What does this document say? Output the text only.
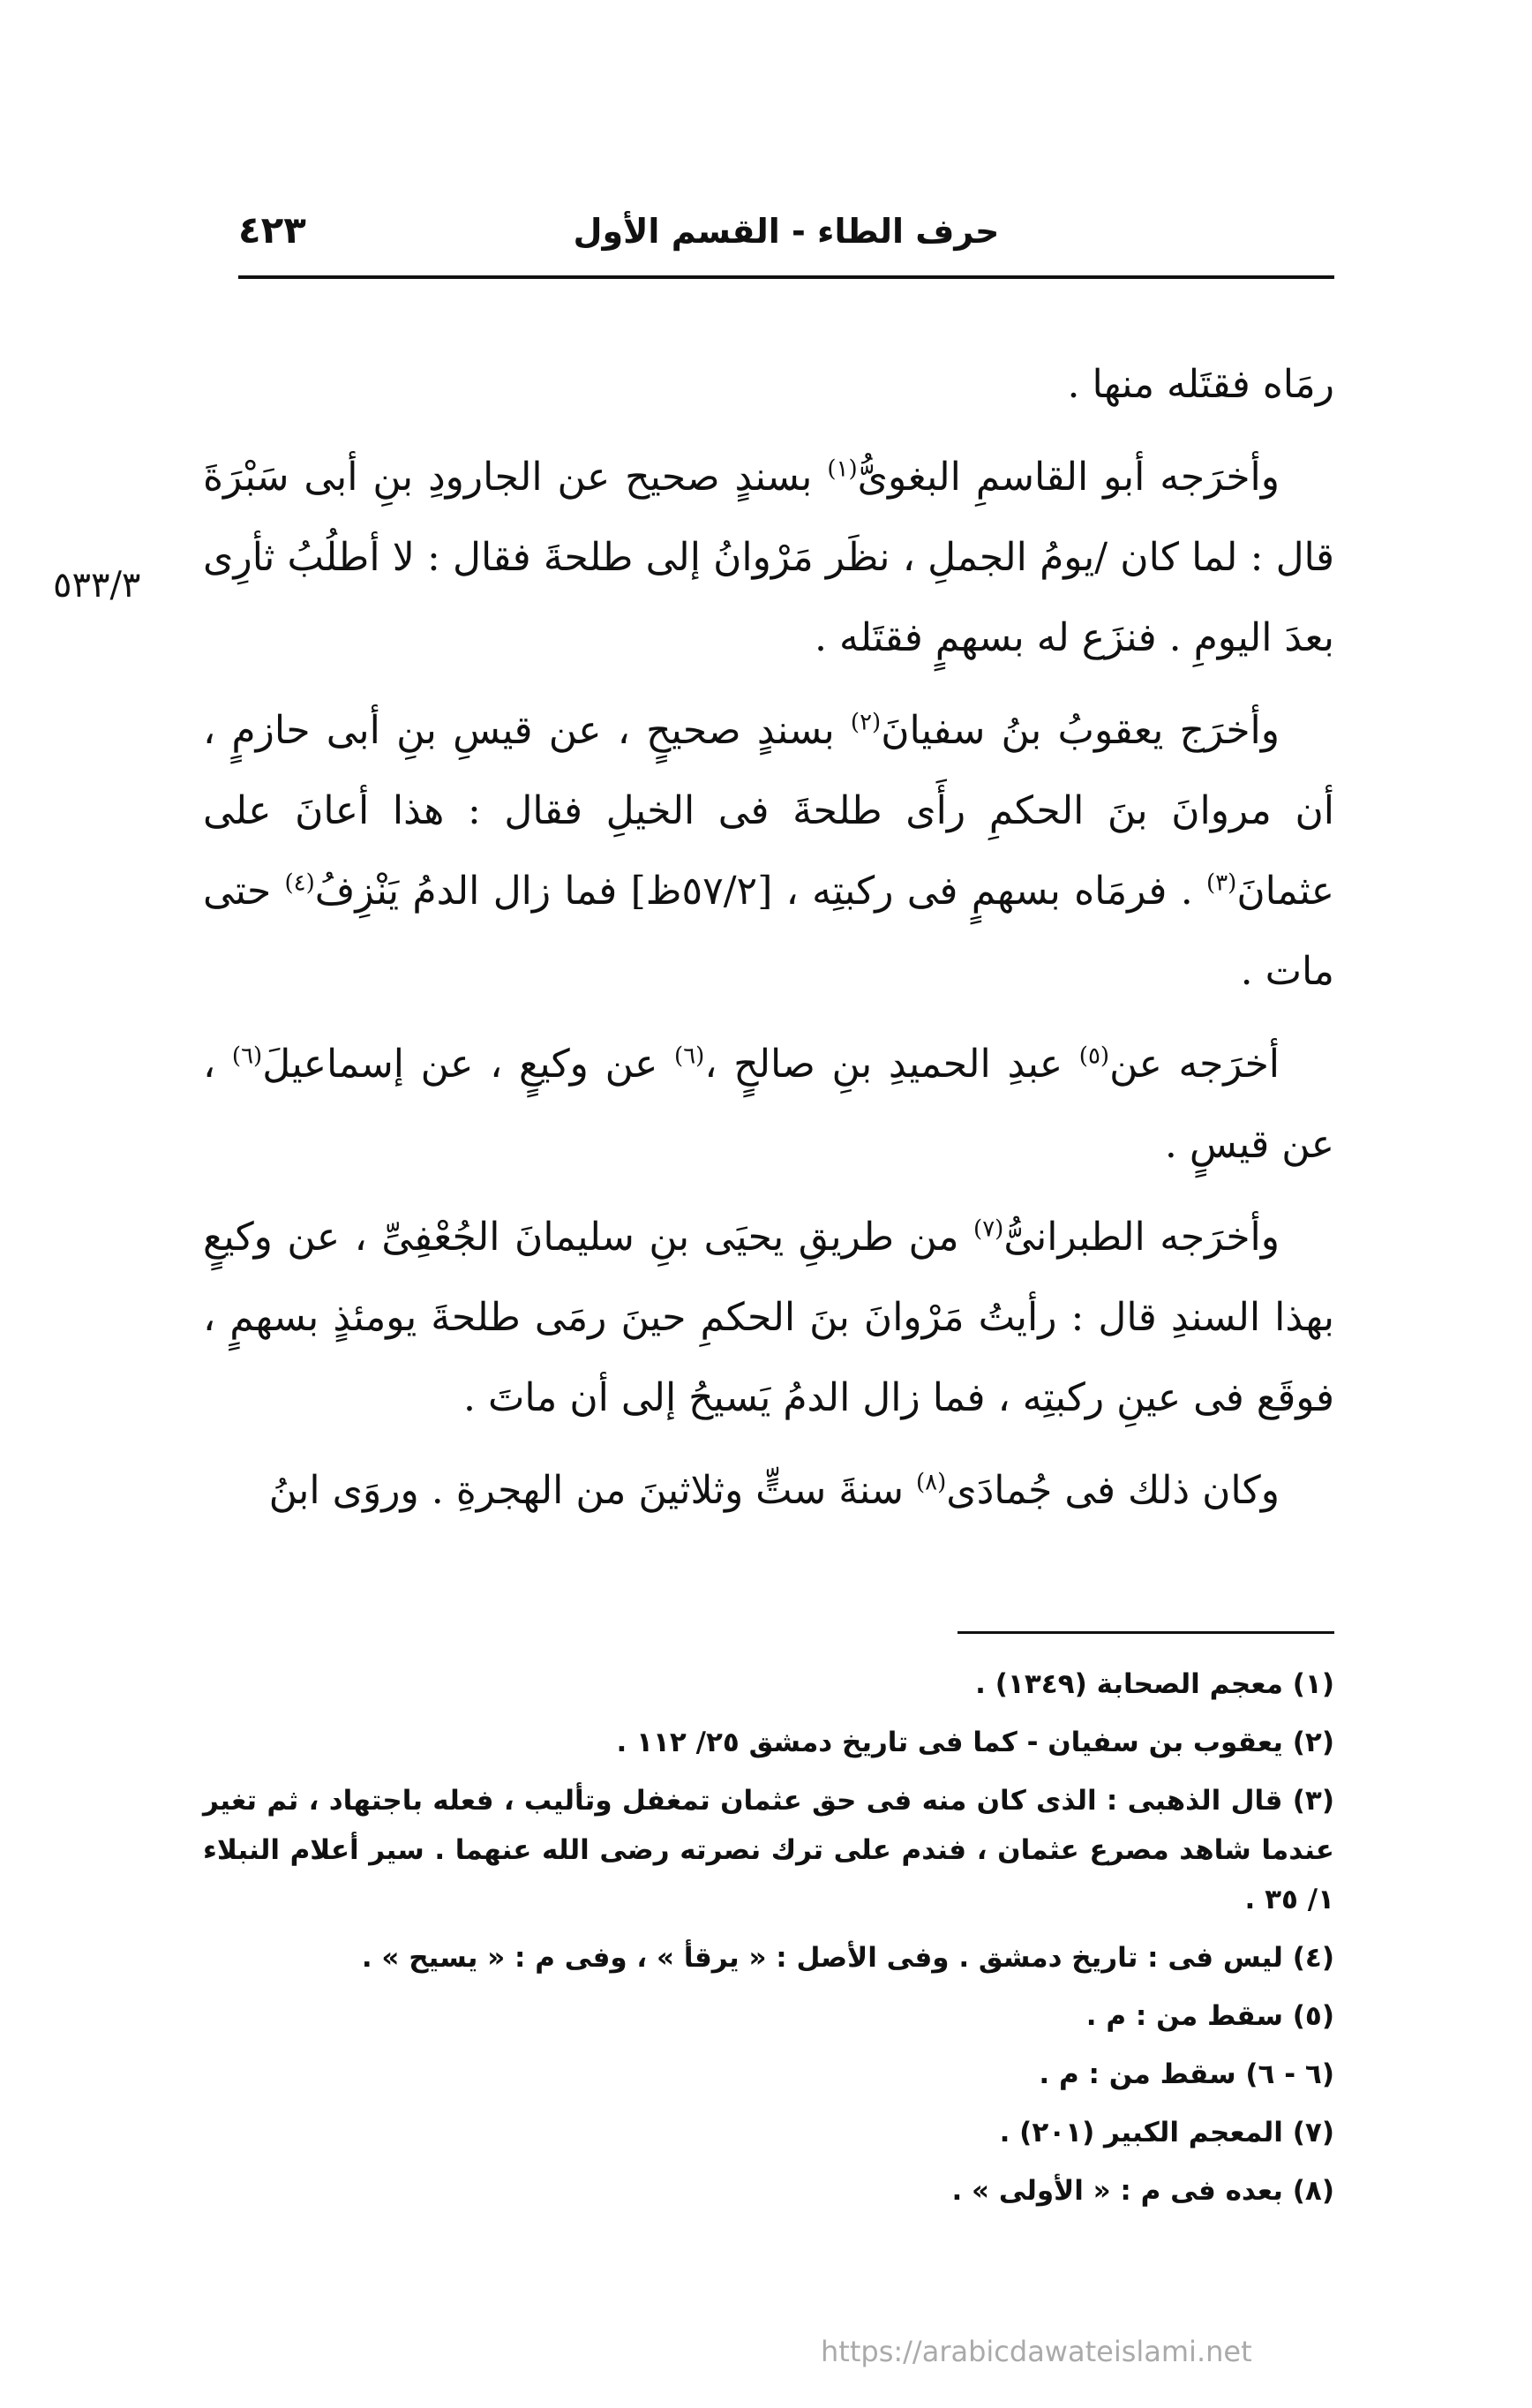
حرف الطاء - القسم الأول
٤٢٣
٥٣٣/٣

رمَاه فقتَله منها .

وأخرَجه أبو القاسمِ البغوىُّ$^{(١)}$ بسندٍ صحيح عن الجارودِ بنِ أبى سَبْرَةَ قال : لما كان /يومُ الجملِ ، نظَر مَرْوانُ إلى طلحةَ فقال : لا أطلُبُ ثأرِى بعدَ اليومِ . فنزَع له بسهمٍ فقتَله .

وأخرَج يعقوبُ بنُ سفيانَ$^{(٢)}$ بسندٍ صحيحٍ ، عن قيسِ بنِ أبى حازمٍ ، أن مروانَ بنَ الحكمِ رأَى طلحةَ فى الخيلِ فقال : هذا أعانَ على عثمانَ$^{(٣)}$ . فرمَاه بسهمٍ فى ركبتِه ، [٥٧/٢ظ] فما زال الدمُ يَنْزِفُ$^{(٤)}$ حتى مات .

أخرَجه عن$^{(٥)}$ عبدِ الحميدِ بنِ صالحٍ ،$^{(٦)}$ عن وكيعٍ ، عن إسماعيلَ$^{(٦)}$ ، عن قيسٍ .

وأخرَجه الطبرانىُّ$^{(٧)}$ من طريقِ يحيَى بنِ سليمانَ الجُعْفِىِّ ، عن وكيعٍ بهذا السندِ قال : رأيتُ مَرْوانَ بنَ الحكمِ حينَ رمَى طلحةَ يومئذٍ بسهمٍ ، فوقَع فى عينِ ركبتِه ، فما زال الدمُ يَسيحُ إلى أن ماتَ .

وكان ذلك فى جُمادَى$^{(٨)}$ سنةَ ستٍّ وثلاثينَ من الهجرةِ . وروَى ابنُ

(١) معجم الصحابة (١٣٤٩) .
(٢) يعقوب بن سفيان - كما فى تاريخ دمشق ٢٥/ ١١٢ .
(٣) قال الذهبى : الذى كان منه فى حق عثمان تمغفل وتأليب ، فعله باجتهاد ، ثم تغير عندما شاهد مصرع عثمان ، فندم على ترك نصرته رضى الله عنهما . سير أعلام النبلاء ١/ ٣٥ .
(٤) ليس فى : تاريخ دمشق . وفى الأصل : « يرقأ » ، وفى م : « يسيح » .
(٥) سقط من : م .
(٦ - ٦) سقط من : م .
(٧) المعجم الكبير (٢٠١) .
(٨) بعده فى م : « الأولى » .
https://arabicdawateislami.net
